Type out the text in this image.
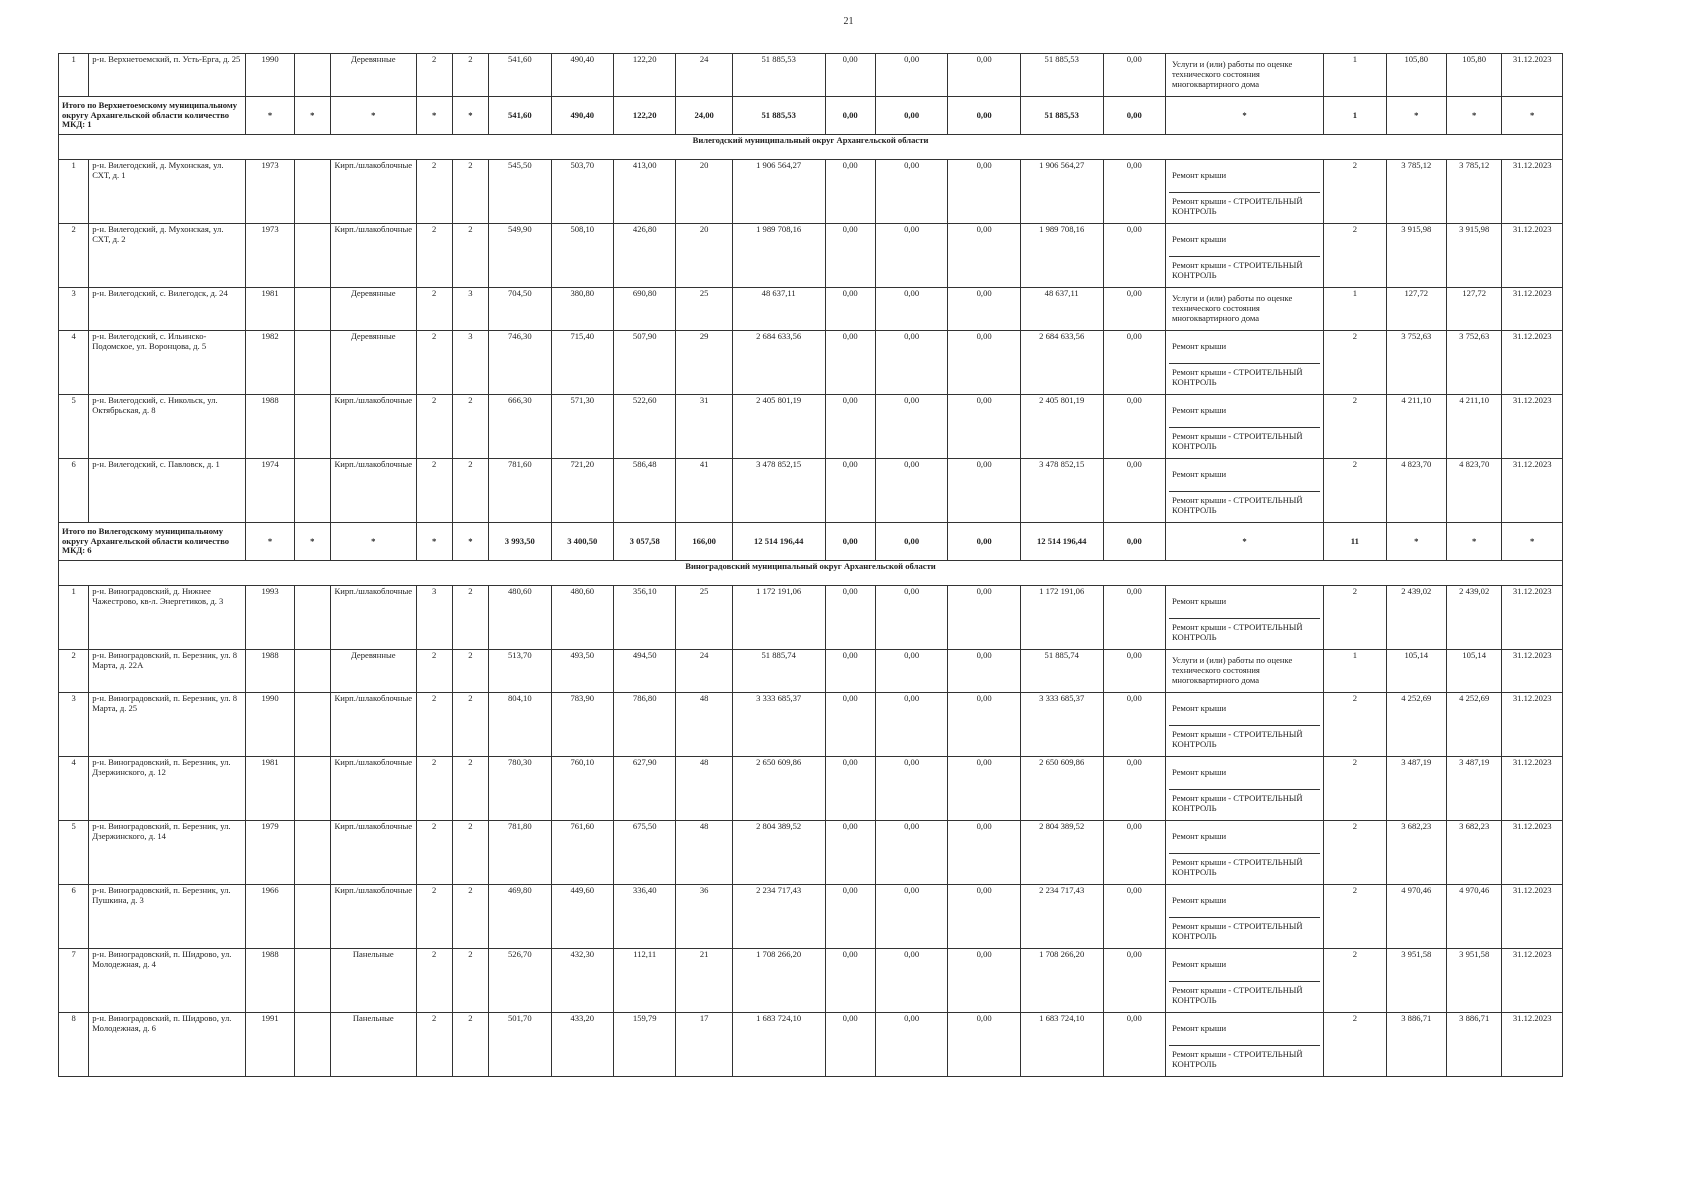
21
1	р-н. Верхнетоемский, п. Усть-Ерга, д. 25	1990		Деревянные	2	2	541,60	490,40	122,20	24	51 885,53	0,00	0,00	0,00	51 885,53	0,00	Услуги и (или) работы по оценке технического состояния многоквартирного дома	1	105,80	105,80	31.12.2023
Итого по Верхнетоемскому муниципальному округу Архангельской области количество МКД: 1		*	*	*	*	*	541,60	490,40	122,20	24,00	51 885,53	0,00	0,00	0,00	51 885,53	0,00	*	1	*	*	*
Вилегодский муниципальный округ Архангельской области																					
1	р-н. Вилегодский, д. Мухонская, ул. СХТ, д. 1	1973		Кирп./шлакоблочные	2	2	545,50	503,70	413,00	20	1 906 564,27	0,00	0,00	0,00	1 906 564,27	0,00	Ремонт крыши
Ремонт крыши - СТРОИТЕЛЬНЫЙ КОНТРОЛЬ	2	3 785,12	3 785,12	31.12.2023
2	р-н. Вилегодский, д. Мухонская, ул. СХТ, д. 2	1973		Кирп./шлакоблочные	2	2	549,90	508,10	426,80	20	1 989 708,16	0,00	0,00	0,00	1 989 708,16	0,00	Ремонт крыши
Ремонт крыши - СТРОИТЕЛЬНЫЙ КОНТРОЛЬ	2	3 915,98	3 915,98	31.12.2023
3	р-н. Вилегодский, с. Вилегодск, д. 24	1981		Деревянные	2	3	704,50	380,80	690,80	25	48 637,11	0,00	0,00	0,00	48 637,11	0,00	Услуги и (или) работы по оценке технического состояния многоквартирного дома	1	127,72	127,72	31.12.2023
4	р-н. Вилегодский, с. Ильинско-Подомское, ул. Воронцова, д. 5	1982		Деревянные	2	3	746,30	715,40	507,90	29	2 684 633,56	0,00	0,00	0,00	2 684 633,56	0,00	Ремонт крыши
Ремонт крыши - СТРОИТЕЛЬНЫЙ КОНТРОЛЬ	2	3 752,63	3 752,63	31.12.2023
5	р-н. Вилегодский, с. Никольск, ул. Октябрьская, д. 8	1988		Кирп./шлакоблочные	2	2	666,30	571,30	522,60	31	2 405 801,19	0,00	0,00	0,00	2 405 801,19	0,00	Ремонт крыши
Ремонт крыши - СТРОИТЕЛЬНЫЙ КОНТРОЛЬ	2	4 211,10	4 211,10	31.12.2023
6	р-н. Вилегодский, с. Павловск, д. 1	1974		Кирп./шлакоблочные	2	2	781,60	721,20	586,48	41	3 478 852,15	0,00	0,00	0,00	3 478 852,15	0,00	Ремонт крыши
Ремонт крыши - СТРОИТЕЛЬНЫЙ КОНТРОЛЬ	2	4 823,70	4 823,70	31.12.2023
Итого по Вилегодскому муниципальному округу Архангельской области количество МКД: 6		*	*	*	*	*	3 993,50	3 400,50	3 057,58	166,00	12 514 196,44	0,00	0,00	0,00	12 514 196,44	0,00	*	11	*	*	*
Виноградовский муниципальный округ Архангельской области																					
1	р-н. Виноградовский, д. Нижнее Чажестрово, кв-л. Энергетиков, д. 3	1993		Кирп./шлакоблочные	3	2	480,60	480,60	356,10	25	1 172 191,06	0,00	0,00	0,00	1 172 191,06	0,00	Ремонт крыши
Ремонт крыши - СТРОИТЕЛЬНЫЙ КОНТРОЛЬ	2	2 439,02	2 439,02	31.12.2023
2	р-н. Виноградовский, п. Березник, ул. 8 Марта, д. 22А	1988		Деревянные	2	2	513,70	493,50	494,50	24	51 885,74	0,00	0,00	0,00	51 885,74	0,00	Услуги и (или) работы по оценке технического состояния многоквартирного дома	1	105,14	105,14	31.12.2023
3	р-н. Виноградовский, п. Березник, ул. 8 Марта, д. 25	1990		Кирп./шлакоблочные	2	2	804,10	783,90	786,80	48	3 333 685,37	0,00	0,00	0,00	3 333 685,37	0,00	Ремонт крыши
Ремонт крыши - СТРОИТЕЛЬНЫЙ КОНТРОЛЬ	2	4 252,69	4 252,69	31.12.2023
4	р-н. Виноградовский, п. Березник, ул. Дзержинского, д. 12	1981		Кирп./шлакоблочные	2	2	780,30	760,10	627,90	48	2 650 609,86	0,00	0,00	0,00	2 650 609,86	0,00	Ремонт крыши
Ремонт крыши - СТРОИТЕЛЬНЫЙ КОНТРОЛЬ	2	3 487,19	3 487,19	31.12.2023
5	р-н. Виноградовский, п. Березник, ул. Дзержинского, д. 14	1979		Кирп./шлакоблочные	2	2	781,80	761,60	675,50	48	2 804 389,52	0,00	0,00	0,00	2 804 389,52	0,00	Ремонт крыши
Ремонт крыши - СТРОИТЕЛЬНЫЙ КОНТРОЛЬ	2	3 682,23	3 682,23	31.12.2023
6	р-н. Виноградовский, п. Березник, ул. Пушкина, д. 3	1966		Кирп./шлакоблочные	2	2	469,80	449,60	336,40	36	2 234 717,43	0,00	0,00	0,00	2 234 717,43	0,00	Ремонт крыши
Ремонт крыши - СТРОИТЕЛЬНЫЙ КОНТРОЛЬ	2	4 970,46	4 970,46	31.12.2023
7	р-н. Виноградовский, п. Шидрово, ул. Молодежная, д. 4	1988		Панельные	2	2	526,70	432,30	112,11	21	1 708 266,20	0,00	0,00	0,00	1 708 266,20	0,00	Ремонт крыши
Ремонт крыши - СТРОИТЕЛЬНЫЙ КОНТРОЛЬ	2	3 951,58	3 951,58	31.12.2023
8	р-н. Виноградовский, п. Шидрово, ул. Молодежная, д. 6	1991		Панельные	2	2	501,70	433,20	159,79	17	1 683 724,10	0,00	0,00	0,00	1 683 724,10	0,00	Ремонт крыши
Ремонт крыши - СТРОИТЕЛЬНЫЙ КОНТРОЛЬ	2	3 886,71	3 886,71	31.12.2023
